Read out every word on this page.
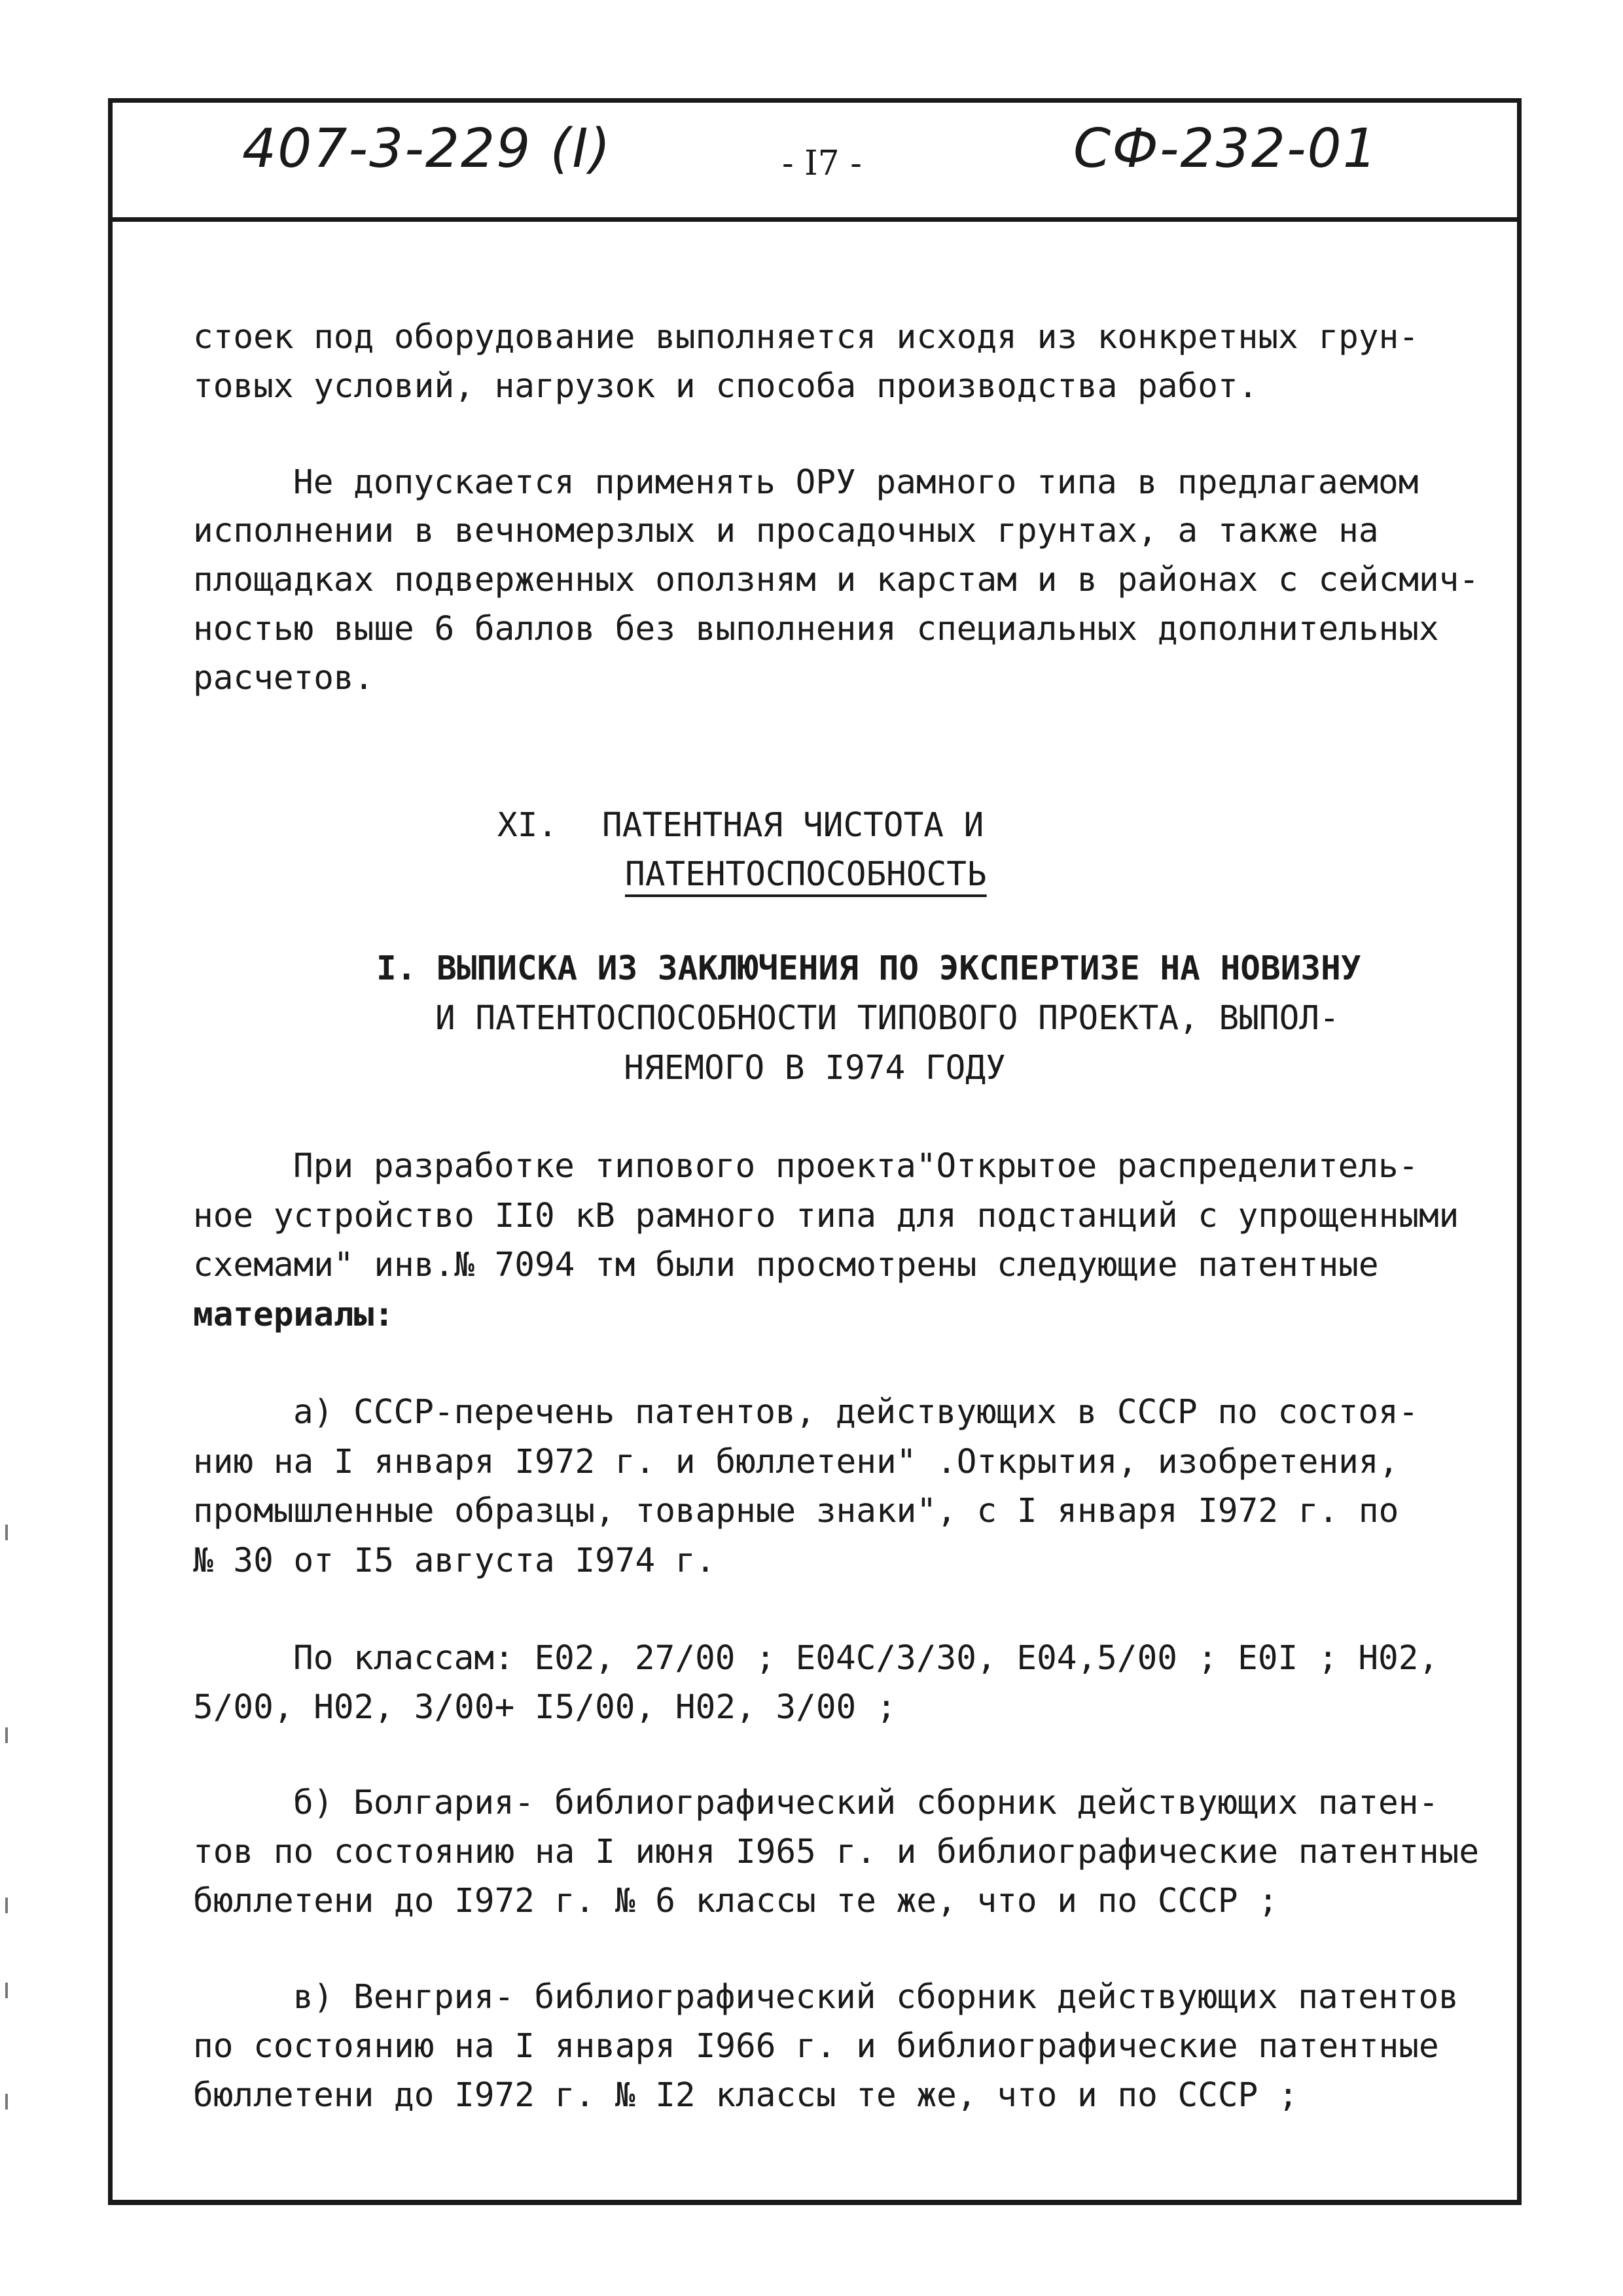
407-3-229 (I)	- I7 -	СФ-232-01
стоек под оборудование выполняется исходя из конкретных грун-
товых условий, нагрузок и способа производства работ.
Не допускается применять ОРУ рамного типа в предлагаемом
исполнении в вечномерзлых и просадочных грунтах, а также на
площадках подверженных оползням и карстам и в районах с сейсмич-
ностью выше 6 баллов без выполнения специальных дополнительных
расчетов.
XI. ПАТЕНТНАЯ ЧИСТОТА И
ПАТЕНТОСПОСОБНОСТЬ
I. ВЫПИСКА ИЗ ЗАКЛЮЧЕНИЯ ПО ЭКСПЕРТИЗЕ НА НОВИЗНУ
И ПАТЕНТОСПОСОБНОСТИ ТИПОВОГО ПРОЕКТА, ВЫПОЛ-
НЯЕМОГО В I974 ГОДУ
При разработке типового проекта"Открытое распределитель-
ное устройство II0 кВ рамного типа для подстанций с упрощенными
схемами" инв.№ 7094 тм были просмотрены следующие патентные
материалы:
а) СССР-перечень патентов, действующих в СССР по состоя-
нию на I января I972 г. и бюллетени" .Открытия, изобретения,
промышленные образцы, товарные знаки", с I января I972 г. по
№ 30 от I5 августа I974 г.
По классам: Е02, 27/00 ; Е04С/3/30, Е04,5/00 ; Е0I ; Н02,
5/00, Н02, 3/00+ I5/00, Н02, 3/00 ;
б) Болгария- библиографический сборник действующих патен-
тов по состоянию на I июня I965 г. и библиографические патентные
бюллетени до I972 г. № 6 классы те же, что и по СССР ;
в) Венгрия- библиографический сборник действующих патентов
по состоянию на I января I966 г. и библиографические патентные
бюллетени до I972 г. № I2 классы те же, что и по СССР ;
